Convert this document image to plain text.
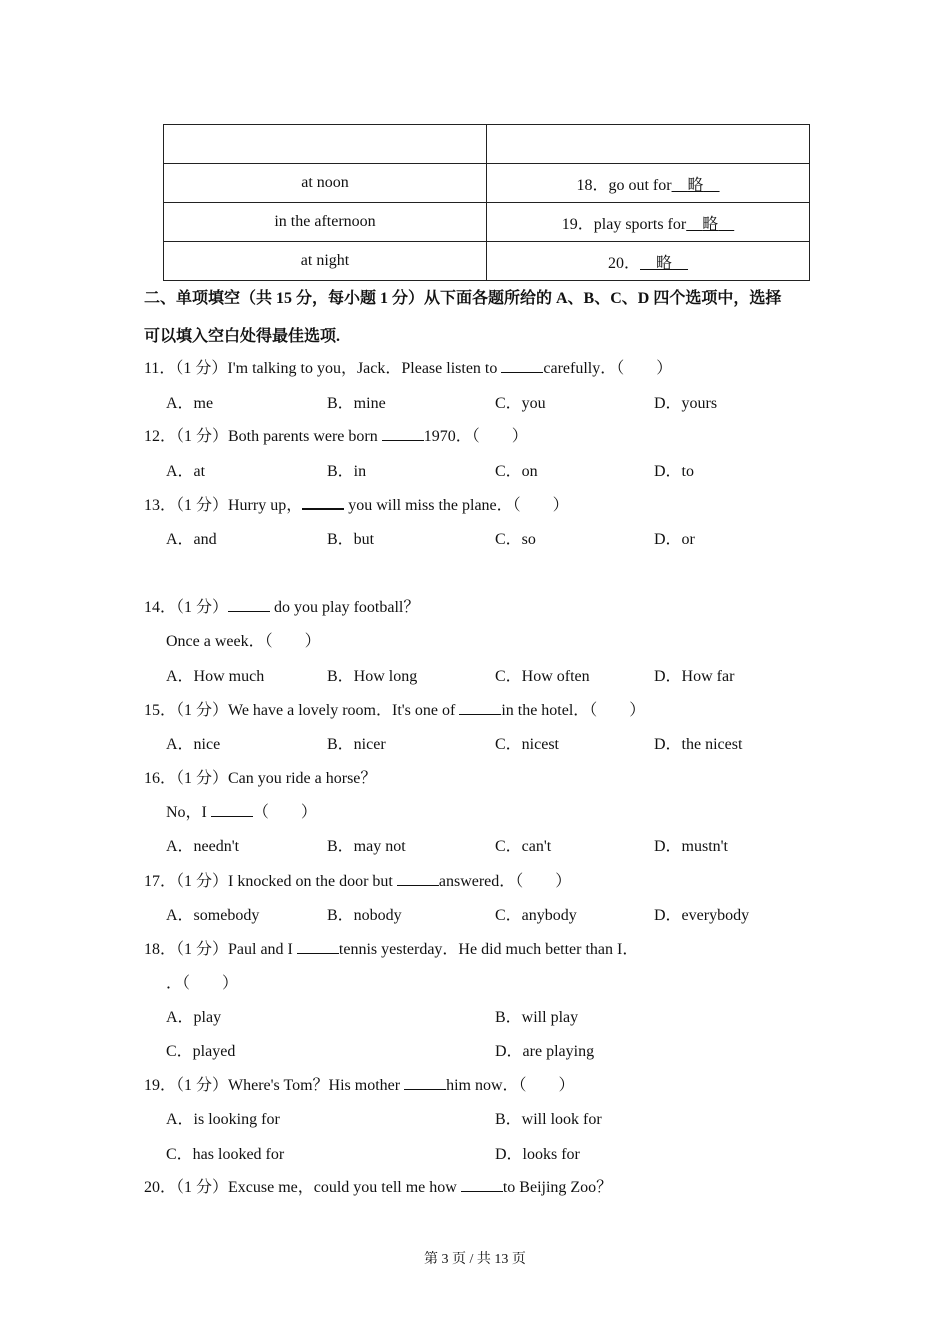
at noon	18．go out for   略  
in the afternoon	19．play sports for   略  
at night	20．   略  
二、单项填空（共 15 分，每小题 1 分）从下面各题所给的 A、B、C、D 四个选项中，选择
可以填入空白处得最佳选项.
11．（1 分）I'm talking to you，Jack．Please listen to	carefully．（　　）
A．me	B．mine	C．you	D．yours
12．（1 分）Both parents were born	1970．（　　）
A．at	B．in	C．on	D．to
13．（1 分）Hurry up，	you will miss the plane．（　　）
A．and	B．but	C．so	D．or
14．（1 分）	do you play football？
Once a week．（　　）
A．How much	B．How long	C．How often	D．How far
15．（1 分）We have a lovely room．It's one of	in the hotel．（　　）
A．nice	B．nicer	C．nicest	D．the nicest
16．（1 分）Can you ride a horse？
No，I	（　　）
A．needn't	B．may not	C．can't	D．mustn't
17．（1 分）I knocked on the door but	answered．（　　）
A．somebody	B．nobody	C．anybody	D．everybody
18．（1 分）Paul and I	tennis yesterday．He did much better than I．
．（　　）
A．play	B．will play
C．played	D．are playing
19．（1 分）Where's Tom？His mother	him now．（　　）
A．is looking for	B．will look for
C．has looked for	D．looks for
20．（1 分）Excuse me，could you tell me how	to Beijing Zoo？
第 3 页 / 共 13 页
